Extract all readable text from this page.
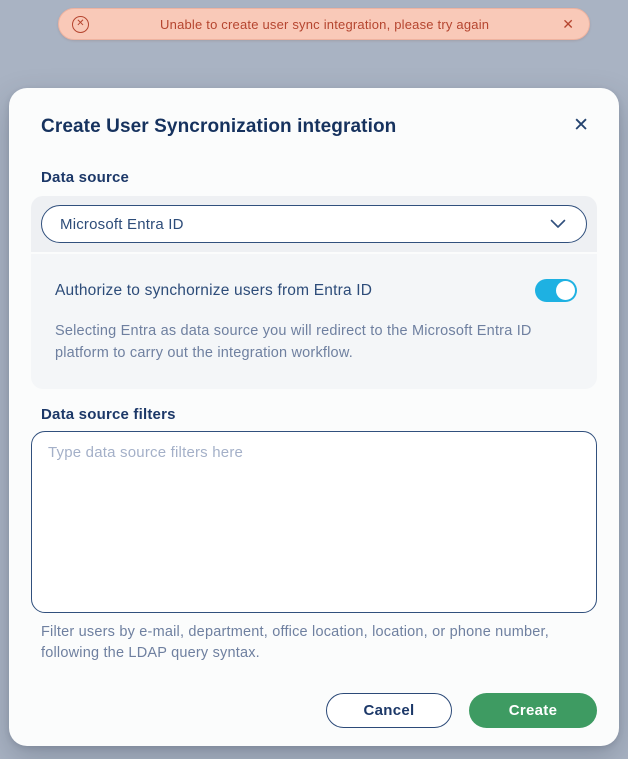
✕	Unable to create user sync integration, please try again	✕
Create User Syncronization integration	✕
Data source
Microsoft Entra ID
Authorize to synchornize users from Entra ID
Selecting Entra as data source you will redirect to the Microsoft Entra ID platform to carry out the integration workflow.
Data source filters
Type data source filters here
Filter users by e-mail, department, office location, location, or phone number, following the LDAP query syntax.
Cancel	Create
